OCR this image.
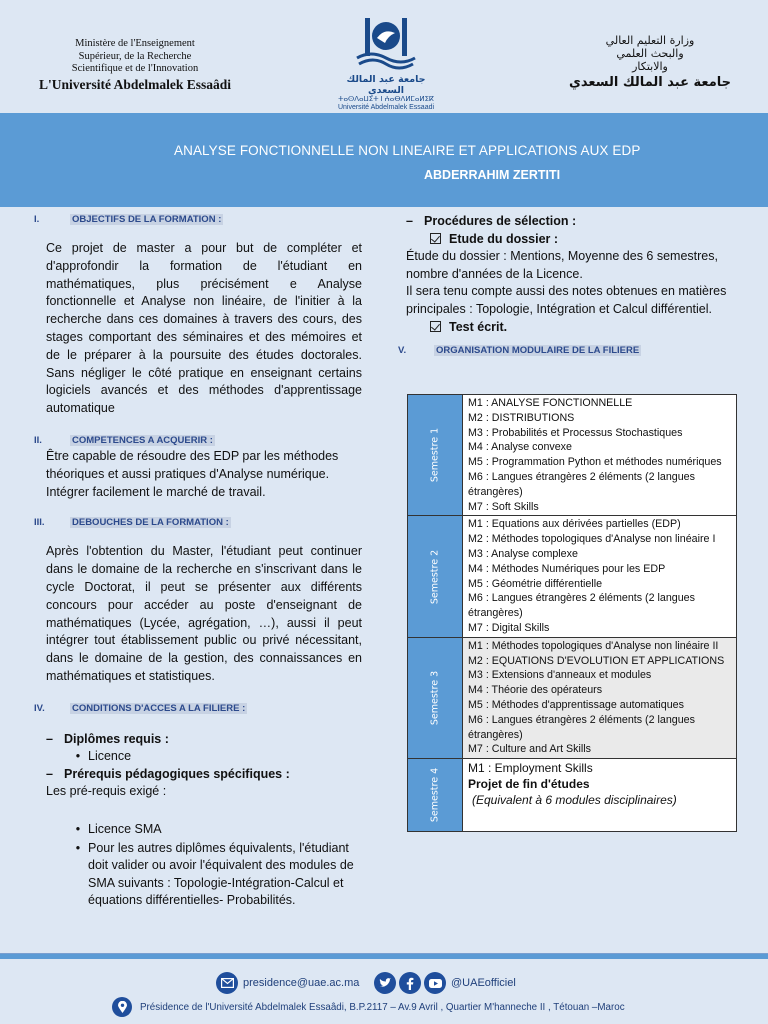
Ministère de l'Enseignement
Supérieur, de la Recherche
Scientifique et de l'Innovation
L'Université Abdelmalek Essaâdi	جامعة عبد المالك السعدي
ⵜⴰⵙⴷⴰⵡⵉⵜ ⵏ ⵄⴰⴱⴷⵍⵎⴰⵍⵉⴽ
Université Abdelmalek Essaadi
وزارة التعليم العالي
والبحث العلمي
والابتكار
جامعة عبد المالك السعدي
ANALYSE FONCTIONNELLE NON LINEAIRE ET APPLICATIONS AUX EDP
ABDERRAHIM ZERTITI
I.	OBJECTIFS DE LA FORMATION :
Ce projet de master a pour but de compléter et d'approfondir la formation de l'étudiant en mathématiques, plus précisément e Analyse fonctionnelle et Analyse non linéaire, de l'initier à la recherche dans ces domaines à travers des cours, des stages comportant des séminaires et des mémoires et de le préparer à la poursuite des études doctorales. Sans négliger le côté pratique en enseignant certains logiciels avancés et des méthodes d'apprentissage automatique
II.	COMPETENCES A ACQUERIR :
Être capable de résoudre des EDP par les méthodes théoriques et aussi pratiques d'Analyse numérique. Intégrer facilement le marché de travail.
III.	DEBOUCHES DE LA FORMATION :
Après l'obtention du Master, l'étudiant peut continuer dans le domaine de la recherche en s'inscrivant dans le cycle Doctorat, il peut se présenter aux différents concours pour accéder au poste d'enseignant de mathématiques (Lycée, agrégation, …), aussi il peut intégrer tout établissement public ou privé nécessitant, dans le domaine de la gestion, des connaissances en mathématiques et statistiques.
IV.	CONDITIONS D'ACCES A LA FILIERE :
– Diplômes requis :
• Licence
– Prérequis pédagogiques spécifiques :
Les pré-requis exigé :
• Licence SMA
• Pour les autres diplômes équivalents, l'étudiant doit valider ou avoir l'équivalent des modules de SMA suivants : Topologie-Intégration-Calcul et équations différentielles- Probabilités.
– Procédures de sélection :
Etude du dossier :
Étude du dossier : Mentions, Moyenne des 6 semestres, nombre d'années de la Licence.
Il sera tenu compte aussi des notes obtenues en matières principales : Topologie, Intégration et Calcul différentiel.
Test écrit.
V.	ORGANISATION MODULAIRE DE LA FILIERE
Semestre 1
M1 : ANALYSE FONCTIONNELLE
M2 : DISTRIBUTIONS
M3 : Probabilités et Processus Stochastiques
M4 : Analyse convexe
M5 : Programmation Python et méthodes numériques
M6 : Langues étrangères 2 éléments (2 langues étrangères)
M7 : Soft Skills
Semestre 2
M1 : Equations aux dérivées partielles (EDP)
M2 : Méthodes topologiques d'Analyse non linéaire I
M3 : Analyse complexe
M4 : Méthodes Numériques pour les EDP
M5 : Géométrie différentielle
M6 : Langues étrangères 2 éléments (2 langues étrangères)
M7 : Digital Skills
Semestre 3
M1 : Méthodes topologiques d'Analyse non linéaire II
M2 : EQUATIONS D'EVOLUTION ET APPLICATIONS
M3 : Extensions d'anneaux et modules
M4 : Théorie des opérateurs
M5 : Méthodes d'apprentissage automatiques
M6 : Langues étrangères 2 éléments (2 langues étrangères)
M7 : Culture and Art Skills
Semestre 4 M1 : Employment Skills
Projet de fin d'études
(Equivalent à 6 modules disciplinaires)
presidence@uae.ac.ma	@UAEofficiel
Présidence de l'Université Abdelmalek Essaâdi, B.P.2117 – Av.9 Avril , Quartier M'hanneche II , Tétouan –Maroc
